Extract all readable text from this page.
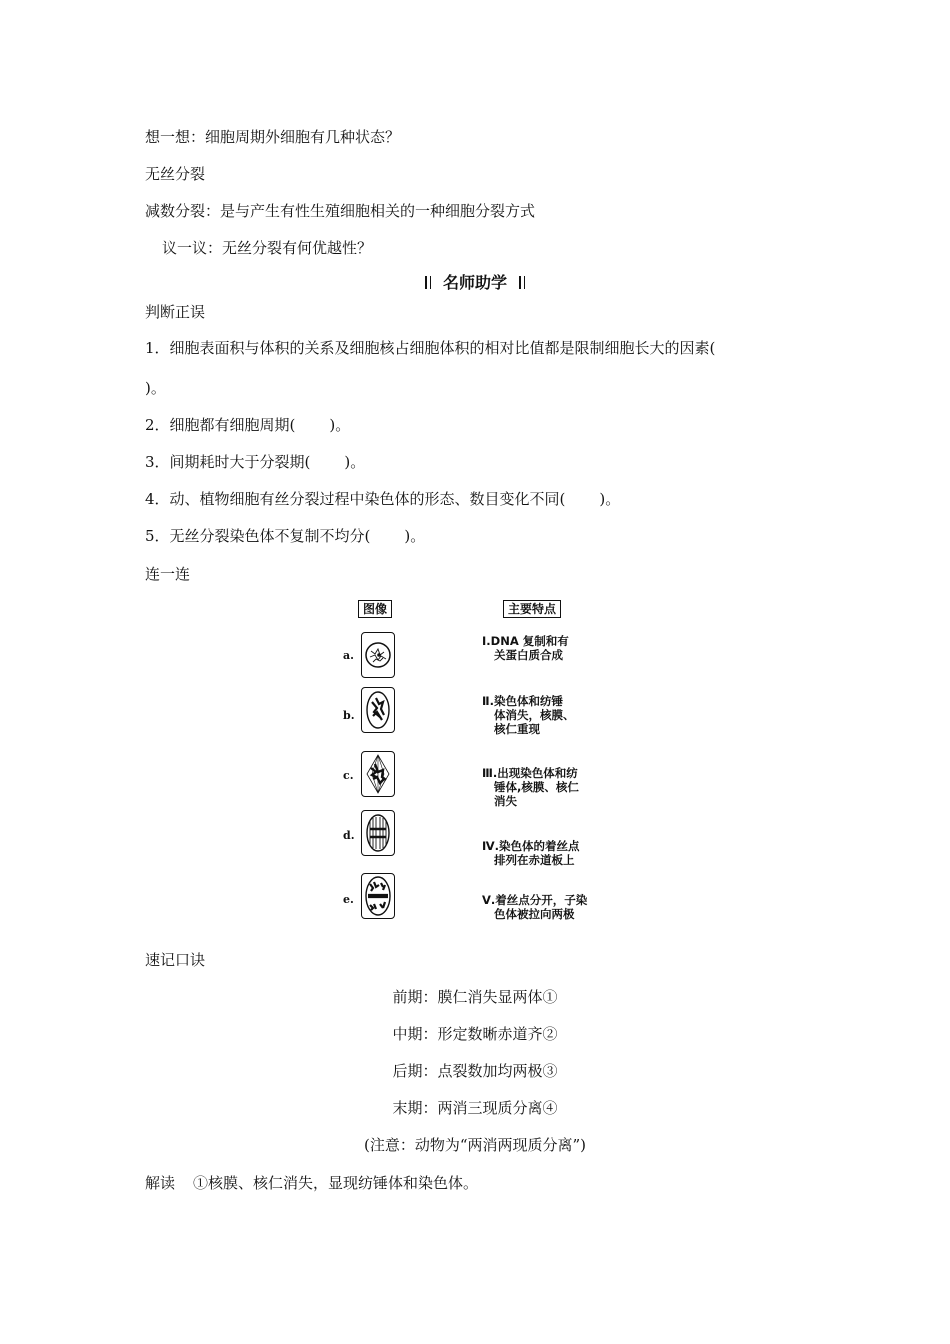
想一想：细胞周期外细胞有几种状态？
无丝分裂
减数分裂：是与产生有性生殖细胞相关的一种细胞分裂方式
议一议：无丝分裂有何优越性？
名师助学
判断正误
1．细胞表面积与体积的关系及细胞核占细胞体积的相对比值都是限制细胞长大的因素(
)。
2．细胞都有细胞周期( )。
3．间期耗时大于分裂期( )。
4．动、植物细胞有丝分裂过程中染色体的形态、数目变化不同( )。
5．无丝分裂染色体不复制不均分( )。
连一连
图像	主要特点
a.
b.
c.
d.
e.
Ⅰ.DNA 复制和有
关蛋白质合成
Ⅱ.染色体和纺锤
体消失，核膜、
核仁重现
Ⅲ.出现染色体和纺
锤体,核膜、核仁
消失
Ⅳ.染色体的着丝点
排列在赤道板上
Ⅴ.着丝点分开，子染
色体被拉向两极
速记口诀
前期：膜仁消失显两体①
中期：形定数晰赤道齐②
后期：点裂数加均两极③
末期：两消三现质分离④
(注意：动物为“两消两现质分离”)
解读 ①核膜、核仁消失，显现纺锤体和染色体。
